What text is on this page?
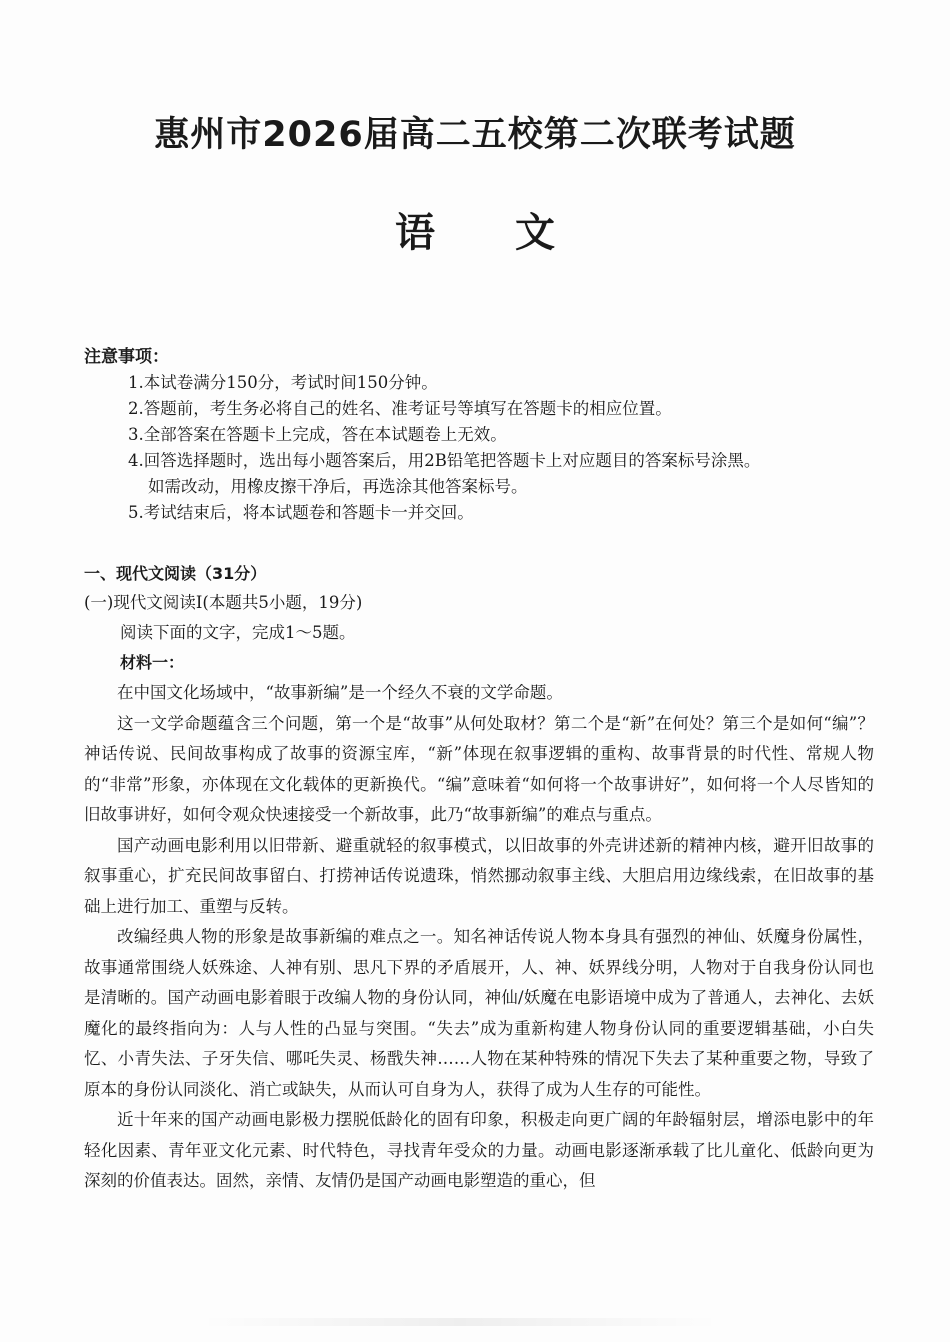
惠州市2026届高二五校第二次联考试题
语文
注意事项：
1.本试卷满分150分，考试时间150分钟。
2.答题前，考生务必将自己的姓名、准考证号等填写在答题卡的相应位置。
3.全部答案在答题卡上完成，答在本试题卷上无效。
4.回答选择题时，选出每小题答案后，用2B铅笔把答题卡上对应题目的答案标号涂黑。
如需改动，用橡皮擦干净后，再选涂其他答案标号。
5.考试结束后，将本试题卷和答题卡一并交回。
一、现代文阅读（31分）
(一)现代文阅读Ⅰ(本题共5小题，19分)
阅读下面的文字，完成1～5题。
材料一：

在中国文化场域中，“故事新编”是一个经久不衰的文学命题。

这一文学命题蕴含三个问题，第一个是“故事”从何处取材？第二个是“新”在何处？第三个是如何“编”？神话传说、民间故事构成了故事的资源宝库，“新”体现在叙事逻辑的重构、故事背景的时代性、常规人物的“非常”形象，亦体现在文化载体的更新换代。“编”意味着“如何将一个故事讲好”，如何将一个人尽皆知的旧故事讲好，如何令观众快速接受一个新故事，此乃“故事新编”的难点与重点。

国产动画电影利用以旧带新、避重就轻的叙事模式，以旧故事的外壳讲述新的精神内核，避开旧故事的叙事重心，扩充民间故事留白、打捞神话传说遗珠，悄然挪动叙事主线、大胆启用边缘线索，在旧故事的基础上进行加工、重塑与反转。

改编经典人物的形象是故事新编的难点之一。知名神话传说人物本身具有强烈的神仙、妖魔身份属性，故事通常围绕人妖殊途、人神有别、思凡下界的矛盾展开，人、神、妖界线分明，人物对于自我身份认同也是清晰的。国产动画电影着眼于改编人物的身份认同，神仙/妖魔在电影语境中成为了普通人，去神化、去妖魔化的最终指向为：人与人性的凸显与突围。“失去”成为重新构建人物身份认同的重要逻辑基础，小白失忆、小青失法、子牙失信、哪吒失灵、杨戬失神……人物在某种特殊的情况下失去了某种重要之物，导致了原本的身份认同淡化、消亡或缺失，从而认可自身为人，获得了成为人生存的可能性。

近十年来的国产动画电影极力摆脱低龄化的固有印象，积极走向更广阔的年龄辐射层，增添电影中的年轻化因素、青年亚文化元素、时代特色，寻找青年受众的力量。动画电影逐渐承载了比儿童化、低龄向更为深刻的价值表达。固然，亲情、友情仍是国产动画电影塑造的重心，但
